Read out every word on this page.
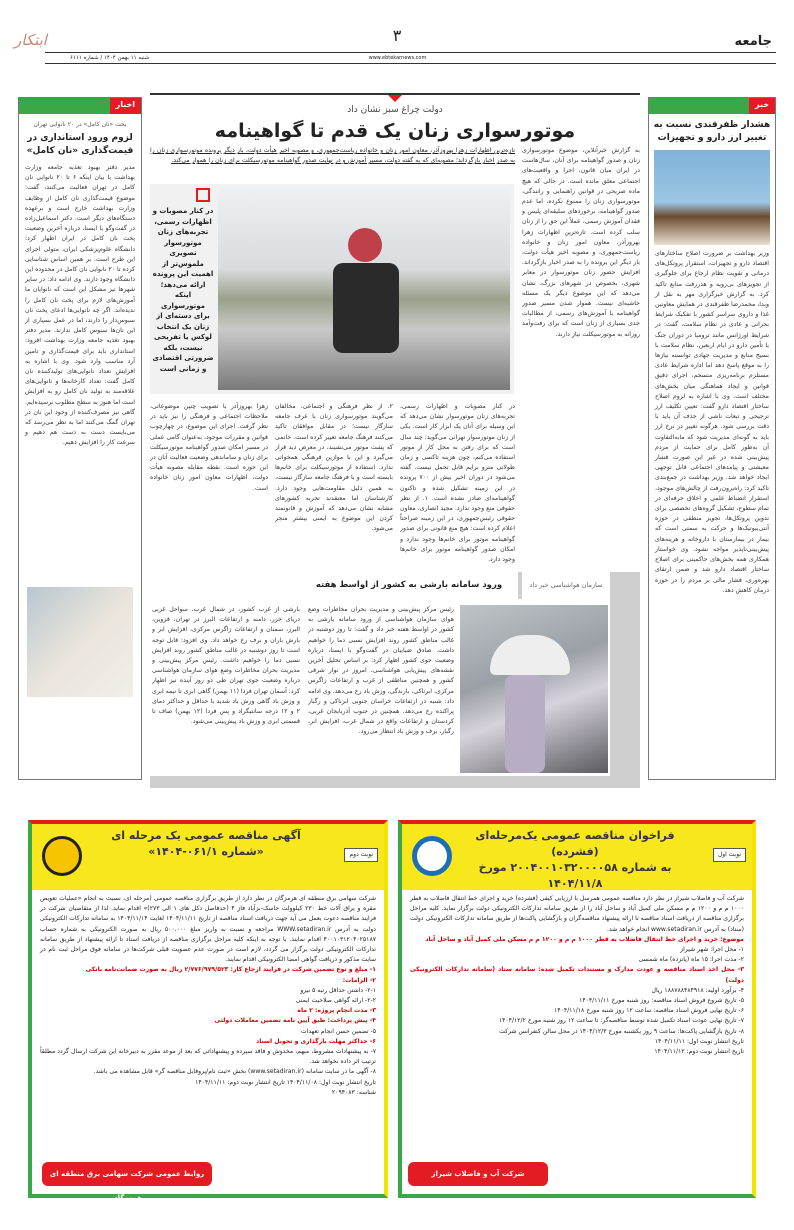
ابتکار	جامعه
۳
www.ebtekarnews.com
شنبه ۱۱ بهمن ۱۴۰۴ / شماره ۶۱۱۱
خبر
هشدار ظفرقندی نسبت به تغییر ارز دارو و تجهیزات
وزیر بهداشت بر ضرورت اصلاح ساختارهای اقتصاد دارو و تجهیزات، استقرار پروتکل‌های درمانی و تقویت نظام ارجاع برای جلوگیری از تجویزهای بی‌رویه و هدررفت منابع تاکید کرد. به گزارش خبرگزاری مهر به نقل از وبدا، محمدرضا ظفرقندی در همایش معاونین غذا و داروی سراسر کشور با تفکیک شرایط بحرانی و عادی در نظام سلامت، گفت: در شرایط اورژانس مانند ترومبا در دوران جنگ یا تأمین دارو در ایام اربعین، نظام سلامت با بسیج منابع و مدیریت جهادی توانسته نیازها را به موقع پاسخ دهد اما اداره شرایط عادی مستلزم برنامه‌ریزی منسجم، اجرای دقیق قوانین و ایجاد هماهنگی میان بخش‌های مختلف است. وی با اشاره به لزوم اصلاح ساختار اقتصاد دارو گفت: تعیین تکلیف ارز ترجیحی و تبعات ناشی از حذف آن باید با دقت بررسی شود. هرگونه تغییر در نرخ ارز باید به گونه‌ای مدیریت شود که ما‌به‌التفاوت آن به‌طور کامل برای حمایت از مردم پیش‌بینی شده در غیر این صورت فشار معیشتی و پیامدهای اجتماعی قابل توجهی ایجاد خواهد شد. وزیر بهداشت در جمع‌بندی تاکید کرد: راه‌برون‌رفت از چالش‌های موجود، استقرار انضباط علمی و اخلاق حرفه‌ای در تمام سطوح، تشکیل گروه‌های تخصصی برای تدوین پروتکل‌ها، تجویز منطقی در حوزه آنتی‌بیوتیک‌ها و حرکت به سمتی است که بیمار در بیمارستان با داروخانه و هزینه‌های پیش‌بینی‌ناپذیر مواجه نشود. وی خواستار همکاری همه بخش‌های حاکمیتی برای اصلاح ساختار اقتصاد دارو شد و ضمن ارتقای بهره‌وری، فشار مالی بر مردم را در حوزه درمان کاهش دهد.
اخبار
بخت «نان کامل» در ۲۰ نانوایی تهران
لزوم ورود استانداری در قیمت‌گذاری «نان کامل»
مدیر دفتر بهبود تغذیه جامعه وزارت بهداشت با بیان اینکه ۶ تا ۲۰ نانوایی نان کامل در تهران فعالیت می‌کنند، گفت: موضوع قیمت‌گذاری نان کامل از وظایف وزارت بهداشت خارج است و برعهده دستگاه‌های دیگر است. دکتر اسماعیل‌زاده در گفت‌وگو با ایسنا، درباره آخرین وضعیت پخت نان کامل در ایران اظهار کرد: دانشگاه علوم‌پزشکی ایران، متولی اجرای این طرح است. بر همین اساس شناسایی کرده تا ۲۰ نانوایی نان کامل در محدوده این دانشگاه وجود دارند. وی ادامه داد: در سایر شهرها نیز مشکل این است که نانوایان ما آموزش‌های لازم برای پخت نان کامل را ندیده‌اند. اگر چه نانوایی‌ها ادعای پخت نان سبوس‌دار را دارند، اما در عمل بسیاری از این نان‌ها سبوس کامل ندارند. مدیر دفتر بهبود تغذیه جامعه وزارت بهداشت افزود: استانداری باید برای قیمت‌گذاری و تامین آرد مناسب وارد شود. وی با اشاره به افزایش تعداد نانوایی‌های تولیدکننده نان کامل گفت: تعداد کارخانه‌ها و نانوایی‌های علاقه‌مند به تولید نان کامل رو به افزایش است اما هنوز به سطح مطلوب نرسیده‌ایم. گاهی نیز مصرف‌کننده از وجود این نان در تهران گمگ می‌کنند اما به نظر می‌رسد که می‌بایست دست به دست هم دهیم و سرعت کار را افزایش دهیم.
دولت چراغ سبز نشان داد
موتورسواری زنان یک قدم تا گواهینامه
تازه‌ترین اظهارات زهرا بهروزآذر، معاون امور زنان و خانواده ریاست‌جمهوری، و مصوبه اخیر هیأت دولت، بار دیگر پرونده موتورسواری زنان را به صدر اخبار بازگرداند؛ مصوبه‌ای که به گفته دولت، مسیر آموزش و در نهایت صدور گواهینامه موتورسیکلت برای زنان را هموار می‌کند.
به گزارش خبرآنلاین، موضوع موتورسواری زنان و صدور گواهینامه برای آنان، سال‌هاست در ایران میان قانون، اجرا و واقعیت‌های اجتماعی معلق مانده است. در حالی که هیچ ماده صریحی در قوانین راهنمایی و رانندگی، موتورسواری زنان را ممنوع نکرده، اما عدم صدور گواهینامه، برخوردهای سلیقه‌ای پلیس و فقدان آموزش رسمی، عملاً این حق را از زنان سلب کرده است. تازه‌ترین اظهارات زهرا بهروزآذر، معاون امور زنان و خانواده ریاست‌جمهوری، و مصوبه اخیر هیأت دولت، بار دیگر این پرونده را به صدر اخبار بازگرداند. افزایش حضور زنان موتورسوار در معابر شهری، بخصوص در شهرهای بزرگ، نشان می‌دهد که این موضوع دیگر یک مسئله حاشیه‌ای نیست. هموار شدن مسیر صدور گواهینامه با آموزش‌های رسمی، از مطالبات جدی بسیاری از زنان است که برای رفت‌وآمد روزانه به موتورسیکلت نیاز دارند.
در کنار مصوبات و اظهارات رسمی، تجربه‌های زنان موتورسوار تصویری ملموس‌تر از اهمیت این پرونده ارائه می‌دهد؛ اینکه موتورسواری برای دسته‌ای از زنان یک انتخاب لوکس یا تفریحی نیست، بلکه ضرورتی اقتصادی و زمانی است
در کنار مصوبات و اظهارات رسمی، تجربه‌های زنان موتورسوار نشان می‌دهد که این وسیله برای آنان یک ابزار کار است. یکی از زنان موتورسوار تهرانی می‌گوید: چند سال است که برای رفتن به محل کار از موتور استفاده می‌کنم، چون هزینه تاکسی و زمان طولانی مترو برایم قابل تحمل نیست. گفته می‌شود در دوران اخیر بیش از ۷۰۰ پرونده در این زمینه تشکیل شده و تاکنون گواهینامه‌ای صادر نشده است. ۱. از نظر حقوقی منع وجود ندارد. مجید انصاری، معاون حقوقی رئیس‌جمهوری، در این زمینه صراحتاً اعلام کرده است: هیچ منع قانونی برای صدور گواهینامه موتور برای خانم‌ها وجود ندارد و امکان صدور گواهینامه موتور برای خانم‌ها وجود دارد.
۲. از نظر فرهنگی و اجتماعی، مخالفان می‌گویند موتورسواری زنان با عرف جامعه سازگار نیست؛ در مقابل موافقان تاکید می‌کنند فرهنگ جامعه تغییر کرده است. خانمی که پشت موتور می‌نشیند، در معرض دید قرار می‌گیرد و این با موازین فرهنگی همخوانی ندارد. استفاده از موتورسیکلت برای خانم‌ها بایسته است و با فرهنگ جامعه سازگار نیست، به همین دلیل مقاومت‌هایی وجود دارد. کارشناسان اما معتقدند تجربه کشورهای مشابه نشان می‌دهد که آموزش و قانونمند کردن این موضوع به ایمنی بیشتر منجر می‌شود.
زهرا بهروزآذر با تصویب چنین موضوعاتی، ملاحظات اجتماعی و فرهنگی را نیز باید در نظر گرفت. اجرای این موضوع، در چهارچوب قوانین و مقررات موجود، به‌عنوان گامی عملی در مسیر امکان صدور گواهینامه موتورسیکلت برای زنان و ساماندهی وضعیت فعالیت آنان در این حوزه است. نقطه مقابله مصوبه هیأت دولت، اظهارات معاون امور زنان خانواده است.
سازمان هواشناسی خبر داد
ورود سامانه بارشی به کشور از اواسط هفته
رئیس مرکز پیش‌بینی و مدیریت بحران مخاطرات وضع هوای سازمان هواشناسی از ورود سامانه بارشی به کشور در اواسط هفته خبر داد و گفت: تا روز دوشنبه در غالب مناطق کشور روند افزایش نسبی دما را خواهیم داشت. صادق ضیاییان در گفت‌وگو با ایسنا، درباره وضعیت جوی کشور اظهار کرد: بر اساس تحلیل آخرین نقشه‌های پیش‌یابی هواشناسی، امروز در نوار شرقی کشور و همچنین مناطقی از غرب و ارتفاعات زاگرس مرکزی، ابرناکی، بارندگی، وزش باد رخ می‌دهد. وی ادامه داد: شنبه در ارتفاعات خراسان جنوبی ابرناکی و رگبار پراکنده رخ می‌دهد. همچنین در جنوب آذربایجان غربی، کردستان و ارتفاعات واقع در شمال غرب، افزایش ابر، رگبار، برف و وزش باد انتظار می‌رود.
بارشی از غرب کشور، در شمال غرب، سواحل غربی دریای خزر، دامنه و ارتفاعات البرز در تهران، قزوین، البرز، سمنان و ارتفاعات زاگرس مرکزی، افزایش ابر و بارش باران و برف رخ خواهد داد. وی افزود: قابل توجه است تا روز دوشنبه در غالب مناطق کشور روند افزایش نسبی دما را خواهیم داشت. رئیس مرکز پیش‌بینی و مدیریت بحران مخاطرات وضع هوای سازمان هواشناسی درباره وضعیت جوی تهران طی دو روز آینده نیز اظهار کرد: آسمان تهران فردا (۱۱ بهمن) گاهی ابری تا نیمه ابری و وزش باد گاهی وزش باد شدید با حداقل و حداکثر دمای ۲ و ۱۲ درجه سانتیگراد و پس فردا (۱۲ بهمن) صاف تا قسمتی ابری و وزش باد پیش‌بینی می‌شود.
نوبت اول
فراخوان مناقصه عمومی یک‌مرحله‌ای (فشرده)
به شماره ۲۰۰۴۰۰۱۰۳۲۰۰۰۰۵۸ مورخ ۱۴۰۴/۱۱/۸
شرکت آب و فاضلاب شیراز در نظر دارد مناقصه عمومی همرسل با ارزیابی کیفی (فشرده) خرید و اجرای خط انتقال فاضلاب به قطر ۱۰۰۰ م م و ۱۲۰۰ م م مسکن ملی کمیل آباد و ساحل آباد را از طریق سامانه تدارکات الکترونیکی دولت برگزار نماید. کلیه مراحل برگزاری مناقصه از دریافت اسناد مناقصه تا ارائه پیشنهاد مناقصه‌گران و بازگشایی پاکت‌ها از طریق سامانه تدارکات الکترونیکی دولت (ستاد) به آدرس www.setadiran.ir انجام خواهد شد.
موضوع: خرید و اجرای خط انتقال فاضلاب به قطر ۱۰۰۰ م م و ۱۲۰۰ م م مسکن ملی کمیل آباد و ساحل آباد
۱- محل اجرا: شهر شیراز
۲- مدت اجرا: ۱۵ ماه (پانزده) ماه شمسی
۳- محل اخذ اسناد مناقصه و عودت مدارک و مستندات تکمیل شده: سامانه ستاد (سامانه تدارکات الکترونیکی دولت)
۴- برآورد اولیه: ۱۸۸۷۸۸۴۸۴۹۱۸ ریال
۵- تاریخ شروع فروش اسناد مناقصه: روز شنبه مورخ ۱۴۰۴/۱۱/۱۱
۶- تاریخ نهایی فروش اسناد مناقصه: ساعت ۱۲ روز شنبه مورخ ۱۴۰۴/۱۱/۱۸
۷- تاریخ نهایی عودت اسناد تکمیل شده توسط مناقصه‌گر: تا ساعت ۱۲ روز شنبه مورخ ۱۴۰۴/۱۲/۲
۸- تاریخ بازگشایی پاکت‌ها: ساعت ۹ روز یکشنبه مورخ ۱۴۰۴/۱۲/۳ در محل سالن کنفرانس شرکت
تاریخ انتشار نوبت اول: ۱۴۰۴/۱۱/۱۱
تاریخ انتشار نوبت دوم: ۱۴۰۴/۱۱/۱۲
شرکت آب و فاضلاب شیراز
نوبت دوم
آگهی مناقصه عمومی یک مرحله ای
«شماره ۰۶۱/۱-۱۴۰۴»
شرکت سهامی برق منطقه ای هرمزگان در نظر دارد از طریق برگزاری مناقصه عمومی (مرحله ای، نسبت به انجام «عملیات تعویض مقره و یراق آلات خط ۲۳۰ کیلوولت جاسک-بزآباد فاز ۴ (حدفاصل دکل های ۱ الی ۲۷۳)» اقدام نماید. لذا از متقاضیان شرکت در فرایند مناقصه دعوت بعمل می آید جهت دریافت اسناد مناقصه از تاریخ ۱۴۰۴/۱۱/۱۱ لغایت ۱۴۰۴/۱۱/۱۴ به سامانه تدارکات الکترونیکی دولت به آدرس WWW.setadiran.ir مراجعه و نسبت به واریز مبلغ ۵۰۰،۰۰۰ ریال به صورت الکترونیکی به شماره حساب ۴۰۰۱۰۳۱۲۰۴۰۲۵۱۸۷ اقدام نمایند. با توجه به اینکه کلیه مراحل برگزاری مناقصه از دریافت اسناد تا ارائه پیشنهاد از طریق سامانه تدارکات الکترونیکی دولت برگزار می گردد، لازم است در صورت عدم عضویت قبلی شرکت‌ها در سامانه فوق مراحل ثبت نام در سایت مذکور و دریافت گواهی امضا الکترونیکی اقدام نمایند.
۱- مبلغ و نوع تضمین شرکت در فرایند ارجاع کار: ۲/۷۷۶/۹۷۹/۵۲۳ ریال به صورت ضمانت‌نامه بانکی
۲- الزامات:
۲-۱- داشتن حداقل رتبه ۵ نیرو
۲-۲- ارائه گواهی صلاحیت ایمنی
۳- مدت انجام پروژه: ۲ ماه
۴- پیش پرداخت: طبق آیین نامه تضمین معاملات دولتی
۵- تضمین حسن انجام تعهدات
۶- حداکثر مهلت بارگذاری و تحویل اسناد
۷- به پیشنهادات مشروط، مبهم، مخدوش و فاقد سپرده و پیشنهاداتی که بعد از موعد مقرر به دبیرخانه این شرکت ارسال گردد مطلقاً ترتیب اثر داده نخواهد شد.
۸- آگهی ما در سایت سامانه (www.setadiran.ir) بخش «ثبت نام/پروفایل مناقصه گر» قابل مشاهده می باشد.
تاریخ انتشار نوبت اول: ۱۴۰۴/۱۱/۰۸ تاریخ انتشار نوبت دوم: ۱۴۰۴/۱۱/۱۱
شناسه: ۲۰۹۴۰۸۳
روابط عمومی شرکت سهامی برق منطقه ای هرمزگان
